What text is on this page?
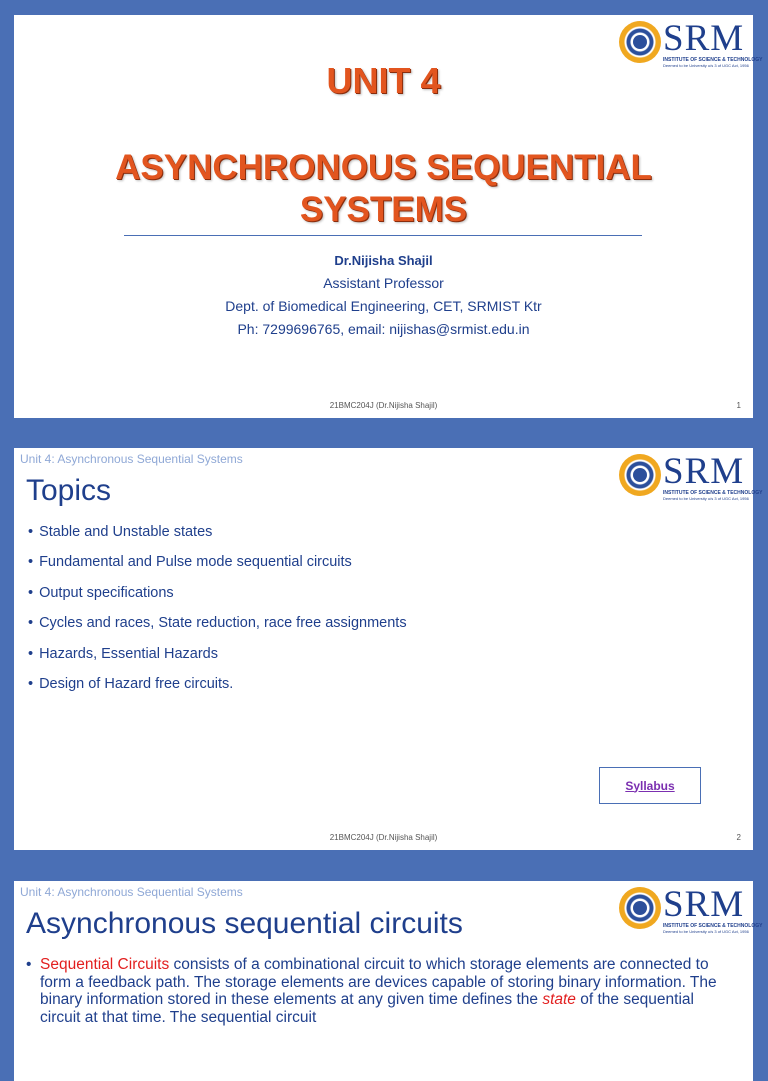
SRM
INSTITUTE OF SCIENCE & TECHNOLOGY
Deemed to be University u/s 3 of UGC Act, 1956
UNIT 4
ASYNCHRONOUS SEQUENTIAL SYSTEMS
Dr.Nijisha Shajil
Assistant Professor
Dept. of Biomedical Engineering, CET, SRMIST Ktr
Ph: 7299696765, email: nijishas@srmist.edu.in
21BMC204J (Dr.Nijisha Shajil)	1
Unit 4: Asynchronous Sequential Systems	SRM
INSTITUTE OF SCIENCE & TECHNOLOGY
Deemed to be University u/s 3 of UGC Act, 1956
Topics
• Stable and Unstable states
• Fundamental and Pulse mode sequential circuits
• Output specifications
• Cycles and races, State reduction, race free assignments
• Hazards, Essential Hazards
• Design of Hazard free circuits.
Syllabus
21BMC204J (Dr.Nijisha Shajil)	2
Unit 4: Asynchronous Sequential Systems	SRM
INSTITUTE OF SCIENCE & TECHNOLOGY
Deemed to be University u/s 3 of UGC Act, 1956
Asynchronous sequential circuits
• Sequential Circuits consists of a combinational circuit to which storage elements are connected to form a feedback path. The storage elements are devices capable of storing binary information. The binary information stored in these elements at any given time defines the state of the sequential circuit at that time. The sequential circuit
